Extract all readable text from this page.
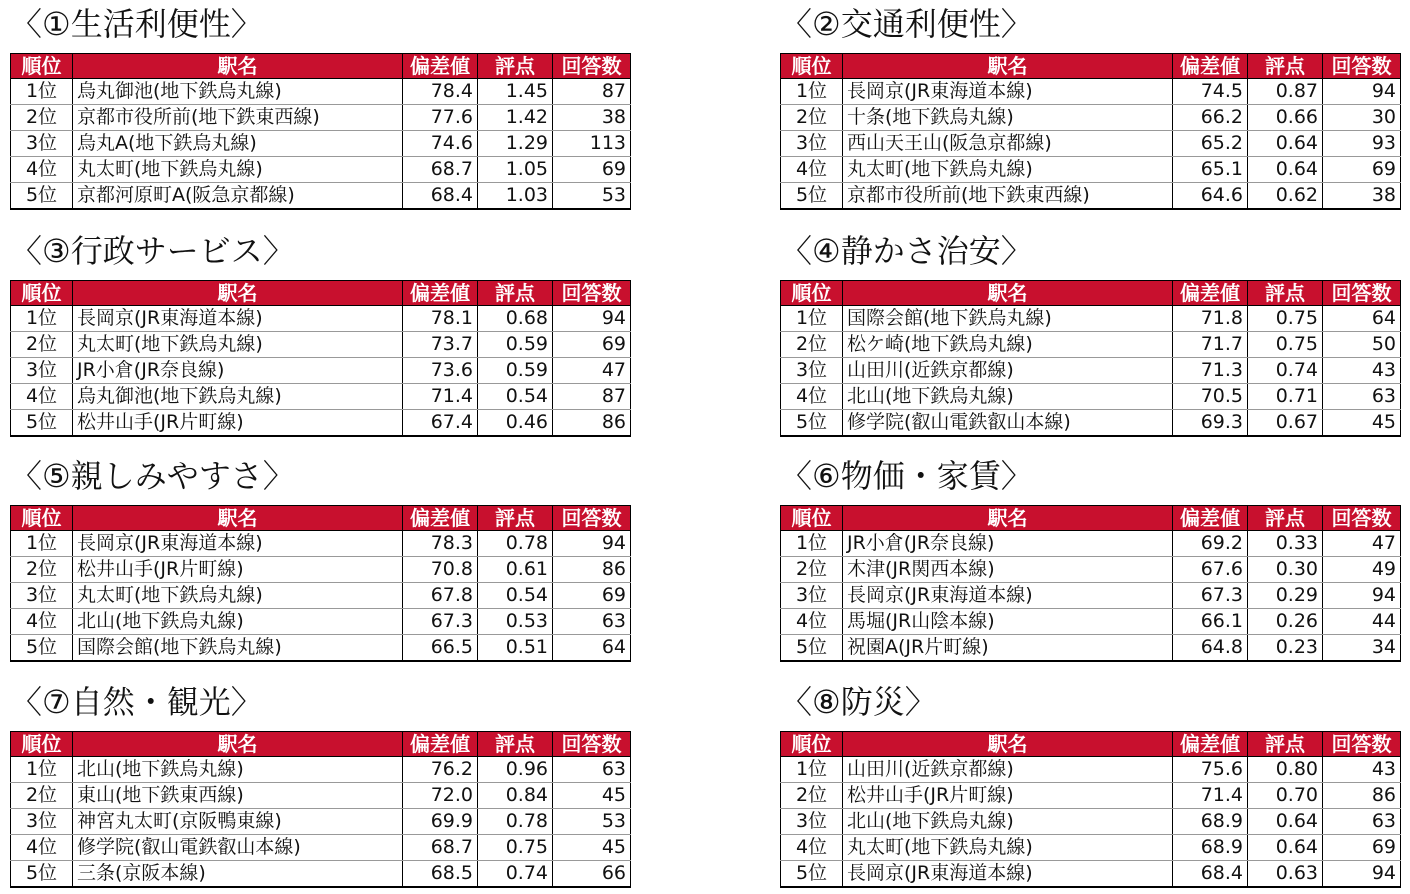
〈①生活利便性〉
順位	駅名	偏差値	評点	回答数
1位	烏丸御池(地下鉄烏丸線)	78.4	1.45	87
2位	京都市役所前(地下鉄東西線)	77.6	1.42	38
3位	烏丸A(地下鉄烏丸線)	74.6	1.29	113
4位	丸太町(地下鉄烏丸線)	68.7	1.05	69
5位	京都河原町A(阪急京都線)	68.4	1.03	53
〈②交通利便性〉
順位	駅名	偏差値	評点	回答数
1位	長岡京(JR東海道本線)	74.5	0.87	94
2位	十条(地下鉄烏丸線)	66.2	0.66	30
3位	西山天王山(阪急京都線)	65.2	0.64	93
4位	丸太町(地下鉄烏丸線)	65.1	0.64	69
5位	京都市役所前(地下鉄東西線)	64.6	0.62	38
〈③行政サービス〉
順位	駅名	偏差値	評点	回答数
1位	長岡京(JR東海道本線)	78.1	0.68	94
2位	丸太町(地下鉄烏丸線)	73.7	0.59	69
3位	JR小倉(JR奈良線)	73.6	0.59	47
4位	烏丸御池(地下鉄烏丸線)	71.4	0.54	87
5位	松井山手(JR片町線)	67.4	0.46	86
〈④静かさ治安〉
順位	駅名	偏差値	評点	回答数
1位	国際会館(地下鉄烏丸線)	71.8	0.75	64
2位	松ケ崎(地下鉄烏丸線)	71.7	0.75	50
3位	山田川(近鉄京都線)	71.3	0.74	43
4位	北山(地下鉄烏丸線)	70.5	0.71	63
5位	修学院(叡山電鉄叡山本線)	69.3	0.67	45
〈⑤親しみやすさ〉
順位	駅名	偏差値	評点	回答数
1位	長岡京(JR東海道本線)	78.3	0.78	94
2位	松井山手(JR片町線)	70.8	0.61	86
3位	丸太町(地下鉄烏丸線)	67.8	0.54	69
4位	北山(地下鉄烏丸線)	67.3	0.53	63
5位	国際会館(地下鉄烏丸線)	66.5	0.51	64
〈⑥物価・家賃〉
順位	駅名	偏差値	評点	回答数
1位	JR小倉(JR奈良線)	69.2	0.33	47
2位	木津(JR関西本線)	67.6	0.30	49
3位	長岡京(JR東海道本線)	67.3	0.29	94
4位	馬堀(JR山陰本線)	66.1	0.26	44
5位	祝園A(JR片町線)	64.8	0.23	34
〈⑦自然・観光〉
順位	駅名	偏差値	評点	回答数
1位	北山(地下鉄烏丸線)	76.2	0.96	63
2位	東山(地下鉄東西線)	72.0	0.84	45
3位	神宮丸太町(京阪鴨東線)	69.9	0.78	53
4位	修学院(叡山電鉄叡山本線)	68.7	0.75	45
5位	三条(京阪本線)	68.5	0.74	66
〈⑧防災〉
順位	駅名	偏差値	評点	回答数
1位	山田川(近鉄京都線)	75.6	0.80	43
2位	松井山手(JR片町線)	71.4	0.70	86
3位	北山(地下鉄烏丸線)	68.9	0.64	63
4位	丸太町(地下鉄烏丸線)	68.9	0.64	69
5位	長岡京(JR東海道本線)	68.4	0.63	94
